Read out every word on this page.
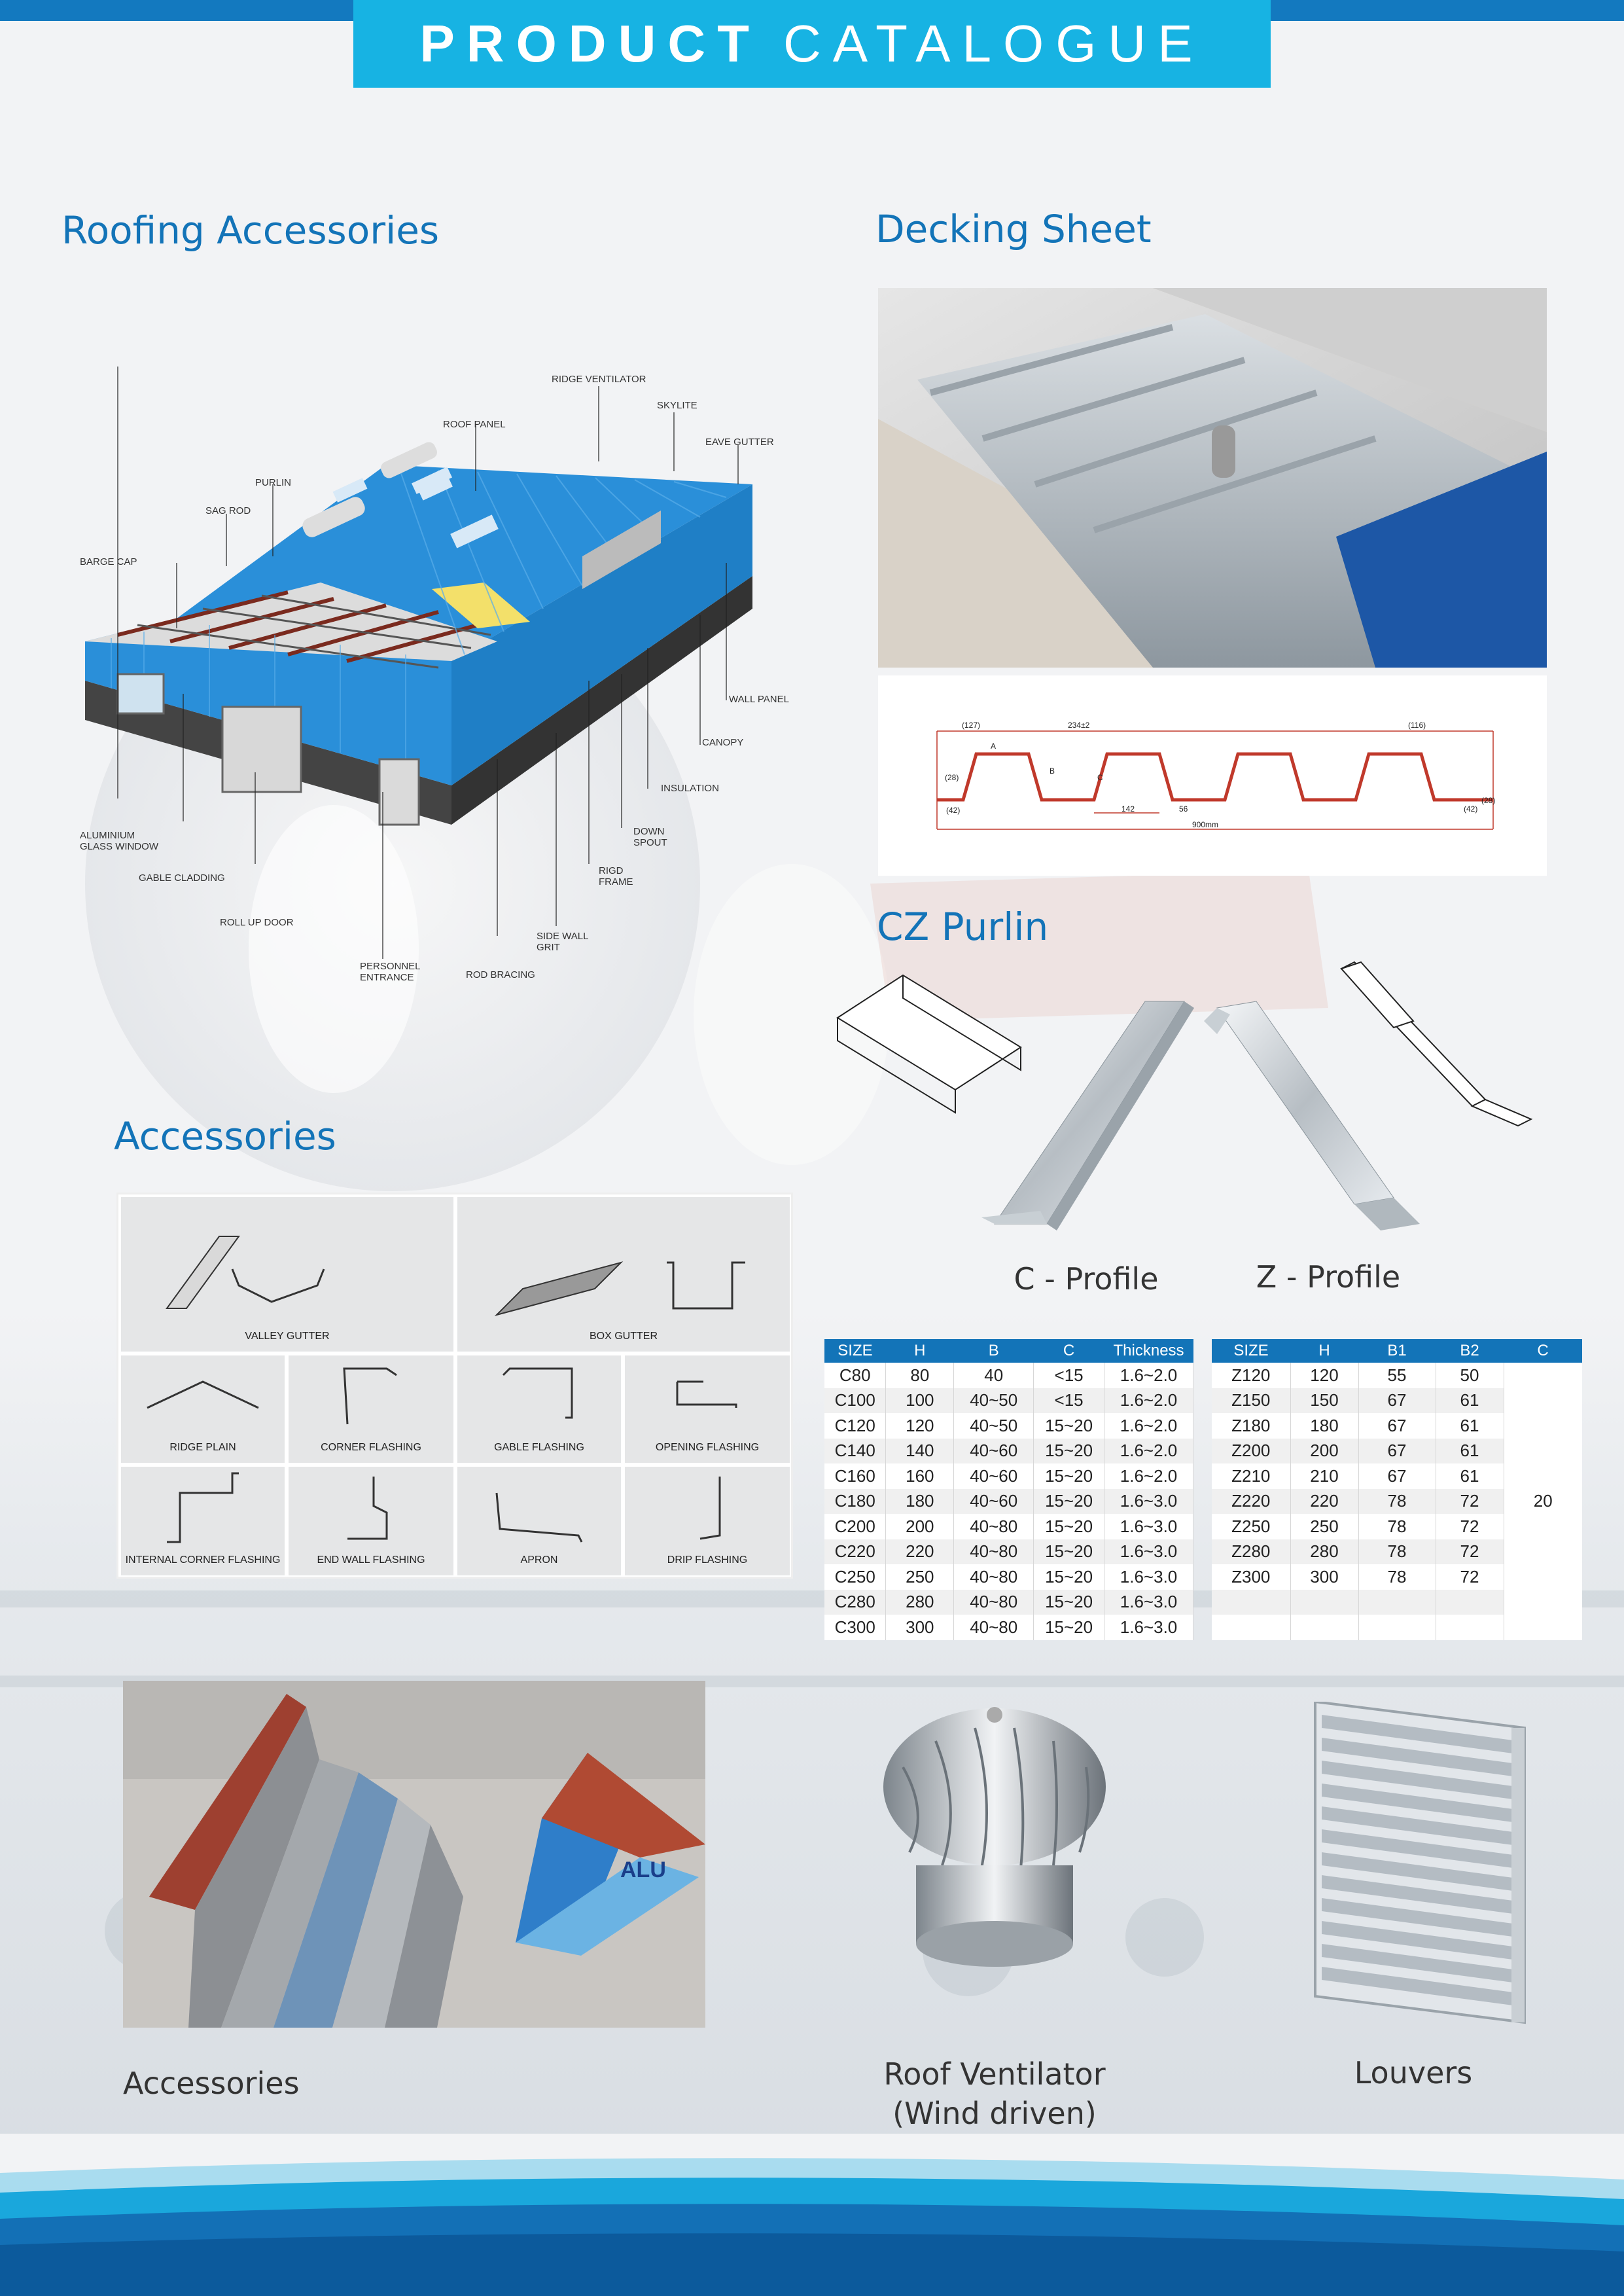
PRODUCT CATALOGUE
Roofing Accessories
RIDGE VENTILATOR
SKYLITE
ROOF PANEL
EAVE GUTTER
PURLIN
SAG ROD
BARGE CAP
WALL PANEL
CANOPY
INSULATION
ALUMINIUM
GLASS WINDOW
DOWN
SPOUT
GABLE CLADDING
RIGD
FRAME
ROLL UP DOOR
SIDE WALL
GRIT
PERSONNEL
ENTRANCE	ROD BRACING
Decking Sheet
(127)	234±2	(116)
(28)
(42)	142	(42)
(28)
56
B
C
A
900mm
CZ Purlin
C - Profile	Z - Profile
Accessories
VALLEY GUTTER	BOX GUTTER
RIDGE PLAIN	CORNER FLASHING	GABLE FLASHING	OPENING FLASHING
INTERNAL CORNER FLASHING	END WALL FLASHING	APRON	DRIP FLASHING
SIZE	H	B	C	Thickness
C80	80	40	<15	1.6~2.0
C100	100	40~50	<15	1.6~2.0
C120	120	40~50	15~20	1.6~2.0
C140	140	40~60	15~20	1.6~2.0
C160	160	40~60	15~20	1.6~2.0
C180	180	40~60	15~20	1.6~3.0
C200	200	40~80	15~20	1.6~3.0
C220	220	40~80	15~20	1.6~3.0
C250	250	40~80	15~20	1.6~3.0
C280	280	40~80	15~20	1.6~3.0
C300	300	40~80	15~20	1.6~3.0
SIZE	H	B1	B2	C
Z120	120	55	50	20
Z150	150	67	61	
Z180	180	67	61	
Z200	200	67	61	
Z210	210	67	61	
Z220	220	78	72	
Z250	250	78	72	
Z280	280	78	72	
Z300	300	78	72	

ALU
Accessories	Roof Ventilator
(Wind driven)
Louvers
